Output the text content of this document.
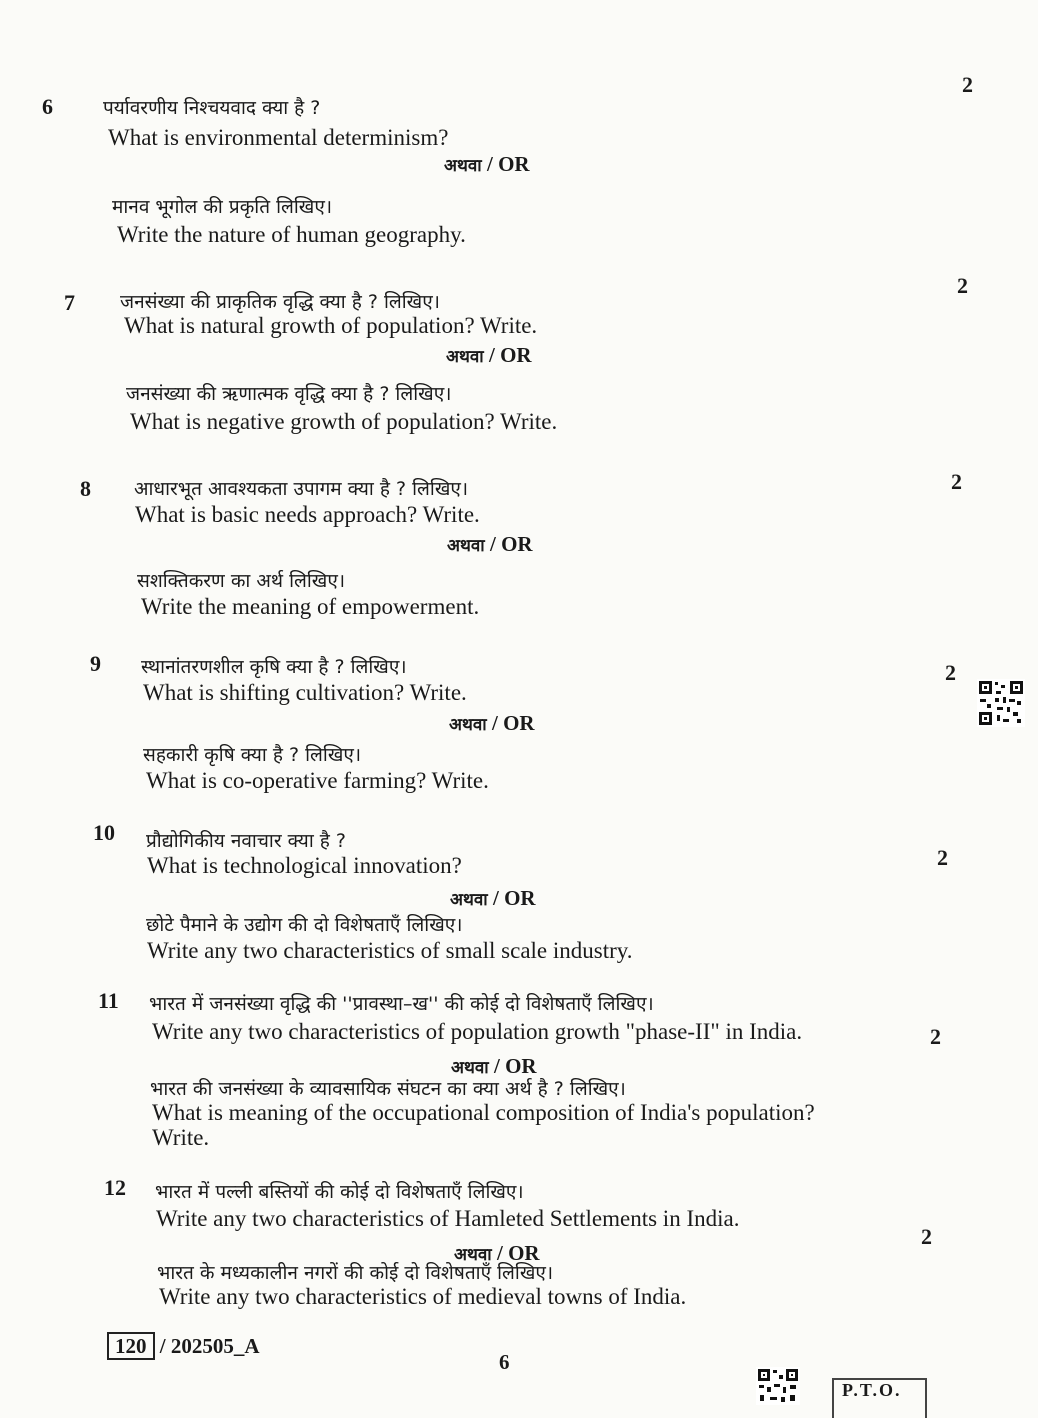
6
2
पर्यावरणीय निश्चयवाद क्या है ?
What is environmental determinism?
अथवा / OR
मानव भूगोल की प्रकृति लिखिए।
Write the nature of human geography.
7
2
जनसंख्या की प्राकृतिक वृद्धि क्या है ? लिखिए।
What is natural growth of population? Write.
अथवा / OR
जनसंख्या की ऋणात्मक वृद्धि क्या है ? लिखिए।
What is negative growth of population? Write.
8	2
आधारभूत आवश्यकता उपागम क्या है ? लिखिए।
What is basic needs approach? Write.
अथवा / OR
सशक्तिकरण का अर्थ लिखिए।
Write the meaning of empowerment.
9	2
स्थानांतरणशील कृषि क्या है ? लिखिए।
What is shifting cultivation? Write.
अथवा / OR
सहकारी कृषि क्या है ? लिखिए।
What is co-operative farming? Write.
10
2
प्रौद्योगिकीय नवाचार क्या है ?
What is technological innovation?
अथवा / OR
छोटे पैमाने के उद्योग की दो विशेषताएँ लिखिए।
Write any two characteristics of small scale industry.
11
2
भारत में जनसंख्या वृद्धि की ''प्रावस्था–ख'' की कोई दो विशेषताएँ लिखिए।
Write any two characteristics of population growth "phase-II" in India.
अथवा / OR
भारत की जनसंख्या के व्यावसायिक संघटन का क्या अर्थ है ? लिखिए।
What is meaning of the occupational composition of India's population?
Write.
12
2
भारत में पल्ली बस्तियों की कोई दो विशेषताएँ लिखिए।
Write any two characteristics of Hamleted Settlements in India.
अथवा / OR
भारत के मध्यकालीन नगरों की कोई दो विशेषताएँ लिखिए।
Write any two characteristics of medieval towns of India.
120 / 202505_A
6
P.T.O.
